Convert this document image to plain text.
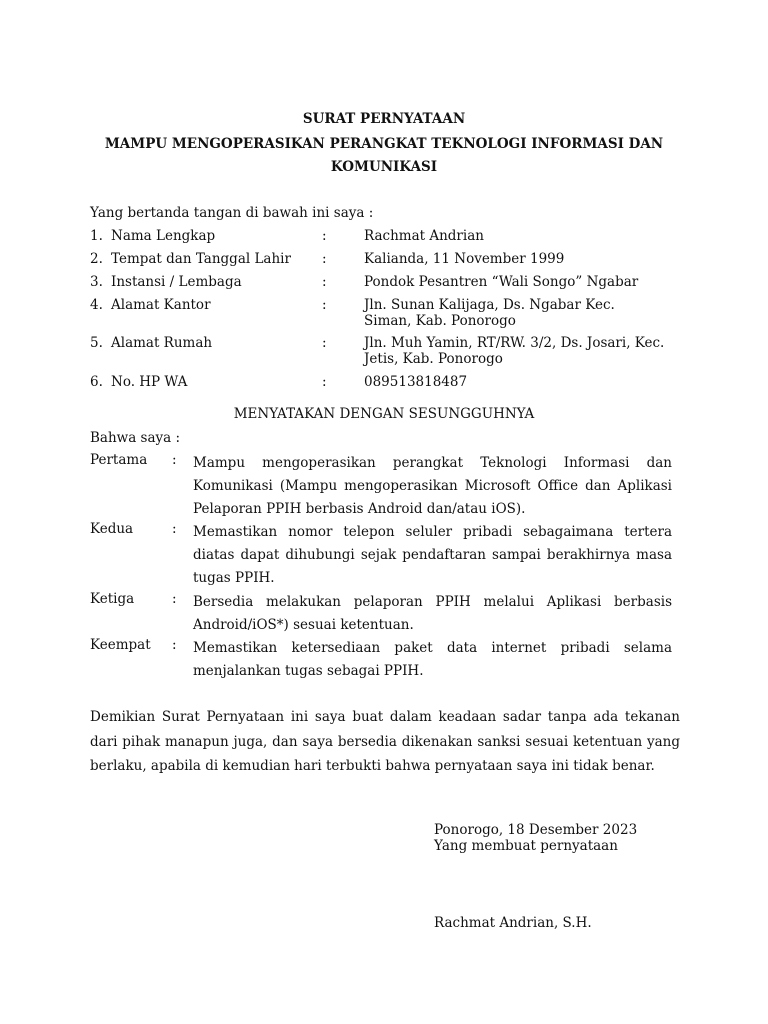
SURAT PERNYATAAN
MAMPU MENGOPERASIKAN PERANGKAT TEKNOLOGI INFORMASI DAN
KOMUNIKASI
Yang bertanda tangan di bawah ini saya :
1. Nama Lengkap	:	Rachmat Andrian
2. Tempat dan Tanggal Lahir :	Kalianda, 11 November 1999
3. Instansi / Lembaga	:	Pondok Pesantren “Wali Songo” Ngabar
4. Alamat Kantor	:	Jln. Sunan Kalijaga, Ds. Ngabar Kec. Siman, Kab. Ponorogo
5. Alamat Rumah	:	Jln. Muh Yamin, RT/RW. 3/2, Ds. Josari, Kec. Jetis, Kab. Ponorogo
6. No. HP WA	:	089513818487
MENYATAKAN DENGAN SESUNGGUHNYA
Bahwa saya :
Pertama : Mampu mengoperasikan perangkat Teknologi Informasi dan Komunikasi (Mampu mengoperasikan Microsoft Office dan Aplikasi Pelaporan PPIH berbasis Android dan/atau iOS).
Kedua	: Memastikan nomor telepon seluler pribadi sebagaimana tertera diatas dapat dihubungi sejak pendaftaran sampai berakhirnya masa tugas PPIH.
Ketiga	: Bersedia melakukan pelaporan PPIH melalui Aplikasi berbasis Android/iOS*) sesuai ketentuan.
Keempat : Memastikan ketersediaan paket data internet pribadi selama menjalankan tugas sebagai PPIH.
Demikian Surat Pernyataan ini saya buat dalam keadaan sadar tanpa ada tekanan dari pihak manapun juga, dan saya bersedia dikenakan sanksi sesuai ketentuan yang berlaku, apabila di kemudian hari terbukti bahwa pernyataan saya ini tidak benar.
Ponorogo, 18 Desember 2023
Yang membuat pernyataan
Rachmat Andrian, S.H.
